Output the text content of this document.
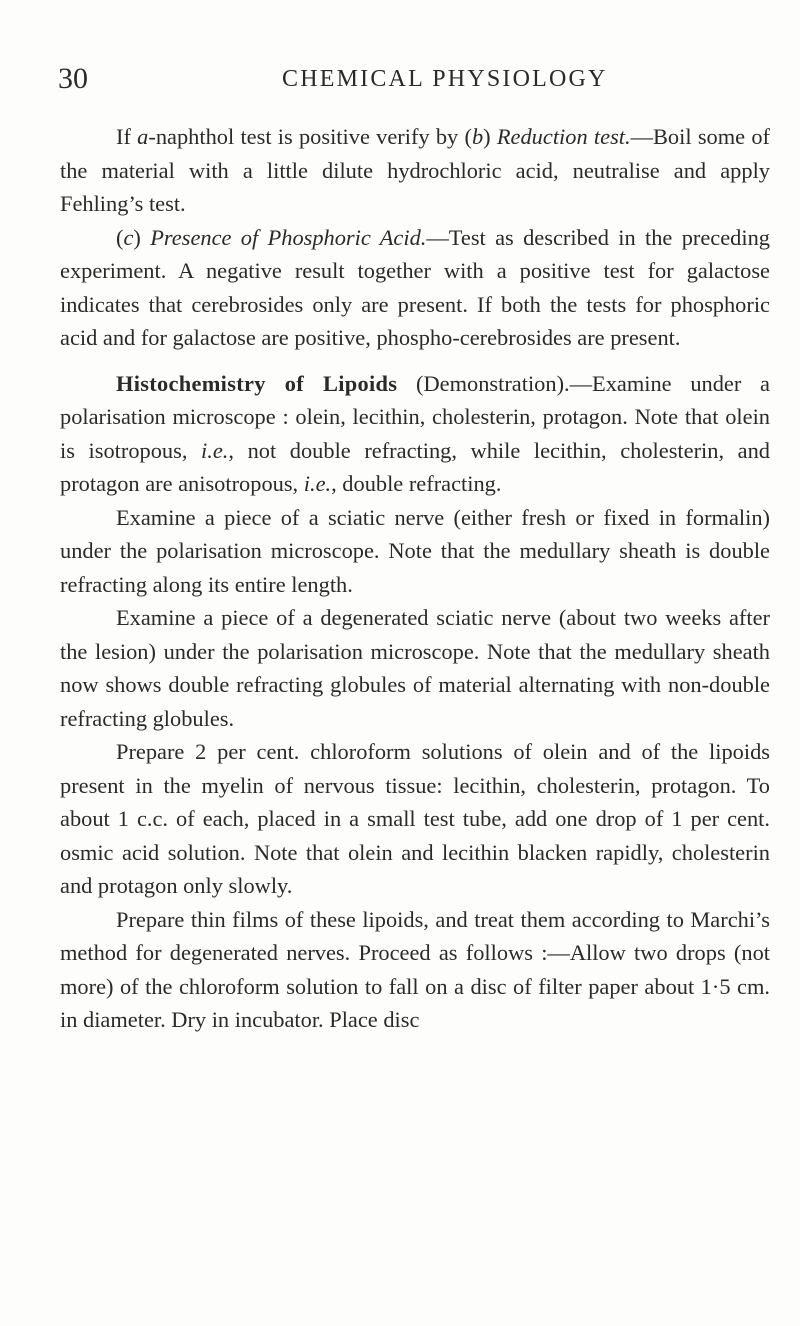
30	CHEMICAL PHYSIOLOGY

If a-naphthol test is positive verify by (b) Reduction test.—Boil some of the material with a little dilute hydrochloric acid, neutralise and apply Fehling’s test.

(c) Presence of Phosphoric Acid.—Test as described in the preceding experiment. A negative result together with a positive test for galactose indicates that cerebrosides only are present. If both the tests for phosphoric acid and for galactose are positive, phospho-cerebrosides are present.

Histochemistry of Lipoids (Demonstration).—Examine under a polarisation microscope : olein, lecithin, cholesterin, protagon. Note that olein is isotropous, i.e., not double refracting, while lecithin, cholesterin, and protagon are anisotropous, i.e., double refracting.

Examine a piece of a sciatic nerve (either fresh or fixed in formalin) under the polarisation microscope. Note that the medullary sheath is double refracting along its entire length.

Examine a piece of a degenerated sciatic nerve (about two weeks after the lesion) under the polarisation microscope. Note that the medullary sheath now shows double refracting globules of material alternating with non-double refracting globules.

Prepare 2 per cent. chloroform solutions of olein and of the lipoids present in the myelin of nervous tissue: lecithin, cholesterin, protagon. To about 1 c.c. of each, placed in a small test tube, add one drop of 1 per cent. osmic acid solution. Note that olein and lecithin blacken rapidly, cholesterin and protagon only slowly.

Prepare thin films of these lipoids, and treat them according to Marchi’s method for degenerated nerves. Proceed as follows :—Allow two drops (not more) of the chloroform solution to fall on a disc of filter paper about 1·5 cm. in diameter. Dry in incubator. Place disc
